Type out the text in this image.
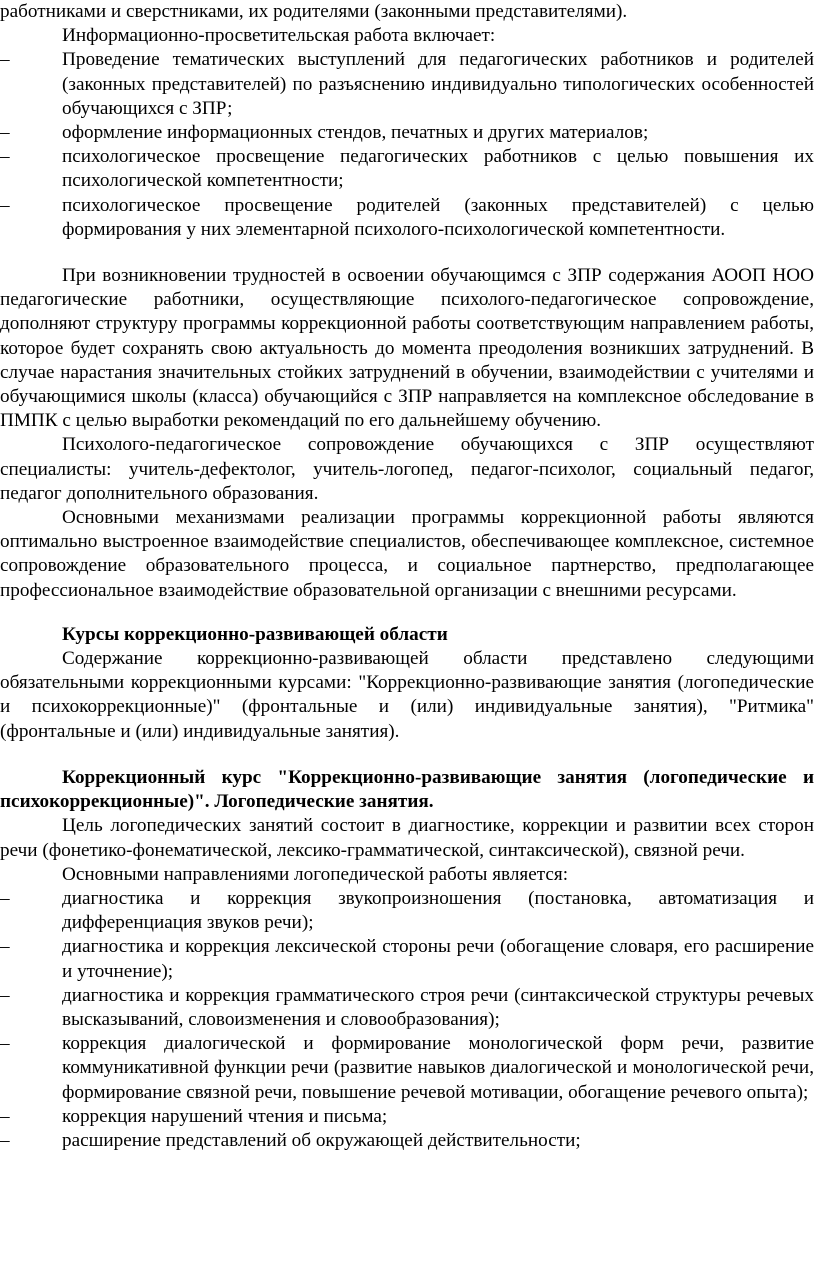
работниками и сверстниками, их родителями (законными представителями).

Информационно-просветительская работа включает:

– Проведение тематических выступлений для педагогических работников и родителей (законных представителей) по разъяснению индивидуально типологических особенностей обучающихся с ЗПР;
– оформление информационных стендов, печатных и других материалов;
– психологическое просвещение педагогических работников с целью повышения их психологической компетентности;
– психологическое просвещение родителей (законных представителей) с целью формирования у них элементарной психолого-психологической компетентности.

При возникновении трудностей в освоении обучающимся с ЗПР содержания АООП НОО педагогические работники, осуществляющие психолого-педагогическое сопровождение, дополняют структуру программы коррекционной работы соответствующим направлением работы, которое будет сохранять свою актуальность до момента преодоления возникших затруднений. В случае нарастания значительных стойких затруднений в обучении, взаимодействии с учителями и обучающимися школы (класса) обучающийся с ЗПР направляется на комплексное обследование в ПМПК с целью выработки рекомендаций по его дальнейшему обучению.

Психолого-педагогическое сопровождение обучающихся с ЗПР осуществляют специалисты: учитель-дефектолог, учитель-логопед, педагог-психолог, социальный педагог, педагог дополнительного образования.

Основными механизмами реализации программы коррекционной работы являются оптимально выстроенное взаимодействие специалистов, обеспечивающее комплексное, системное сопровождение образовательного процесса, и социальное партнерство, предполагающее профессиональное взаимодействие образовательной организации с внешними ресурсами.

Курсы коррекционно-развивающей области

Содержание коррекционно-развивающей области представлено следующими обязательными коррекционными курсами: "Коррекционно-развивающие занятия (логопедические и психокоррекционные)" (фронтальные и (или) индивидуальные занятия), "Ритмика" (фронтальные и (или) индивидуальные занятия).

Коррекционный курс "Коррекционно-развивающие занятия (логопедические и психокоррекционные)". Логопедические занятия.

Цель логопедических занятий состоит в диагностике, коррекции и развитии всех сторон речи (фонетико-фонематической, лексико-грамматической, синтаксической), связной речи.

Основными направлениями логопедической работы является:

– диагностика и коррекция звукопроизношения (постановка, автоматизация и дифференциация звуков речи);
– диагностика и коррекция лексической стороны речи (обогащение словаря, его расширение и уточнение);
– диагностика и коррекция грамматического строя речи (синтаксической структуры речевых высказываний, словоизменения и словообразования);
– коррекция диалогической и формирование монологической форм речи, развитие коммуникативной функции речи (развитие навыков диалогической и монологической речи, формирование связной речи, повышение речевой мотивации, обогащение речевого опыта);
– коррекция нарушений чтения и письма;
– расширение представлений об окружающей действительности;
